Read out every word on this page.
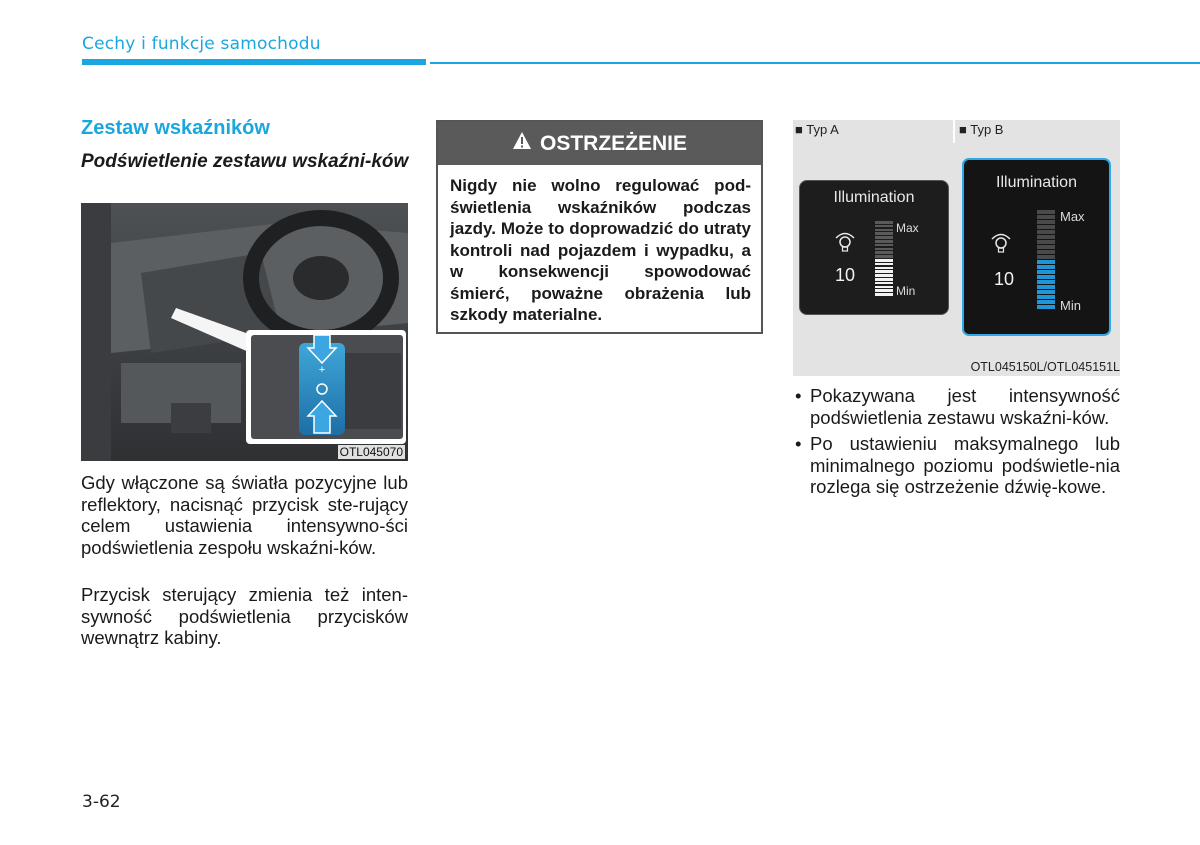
Cechy i funkcje samochodu
Zestaw wskaźników
Podświetlenie zestawu wskaźni-ków
+
OTL045070
Gdy włączone są światła pozycyjne lub reflektory, nacisnąć przycisk ste-rujący celem ustawienia intensywno-ści podświetlenia zespołu wskaźni-ków.
Przycisk sterujący zmienia też inten-sywność podświetlenia przycisków wewnątrz kabiny.
OSTRZEŻENIE
Nigdy nie wolno regulować pod-świetlenia wskaźników podczas jazdy. Może to doprowadzić do utraty kontroli nad pojazdem i wypadku, a w konsekwencji spowodować śmierć, poważne obrażenia lub szkody materialne.
■ Typ A	■ Typ B
Illumination
10
Max
Min
Illumination
10
Max
Min
OTL045150L/OTL045151L
• Pokazywana jest intensywność podświetlenia zestawu wskaźni-ków.
• Po ustawieniu maksymalnego lub minimalnego poziomu podświetle-nia rozlega się ostrzeżenie dźwię-kowe.
3-62
